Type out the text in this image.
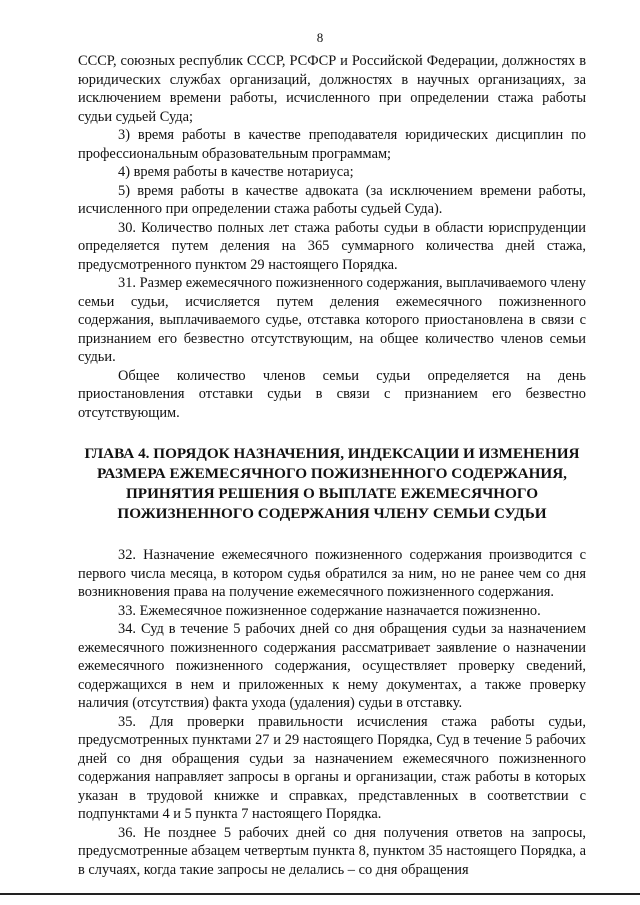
8

СССР, союзных республик СССР, РСФСР и Российской Федерации, должностях в юридических службах организаций, должностях в научных организациях, за исключением времени работы, исчисленного при определении стажа работы судьи судьей Суда;

3) время работы в качестве преподавателя юридических дисциплин по профессиональным образовательным программам;

4) время работы в качестве нотариуса;

5) время работы в качестве адвоката (за исключением времени работы, исчисленного при определении стажа работы судьей Суда).

30. Количество полных лет стажа работы судьи в области юриспруденции определяется путем деления на 365 суммарного количества дней стажа, предусмотренного пунктом 29 настоящего Порядка.

31. Размер ежемесячного пожизненного содержания, выплачиваемого члену семьи судьи, исчисляется путем деления ежемесячного пожизненного содержания, выплачиваемого судье, отставка которого приостановлена в связи с признанием его безвестно отсутствующим, на общее количество членов семьи судьи.

Общее количество членов семьи судьи определяется на день приостановления отставки судьи в связи с признанием его безвестно отсутствующим.

ГЛАВА 4. ПОРЯДОК НАЗНАЧЕНИЯ, ИНДЕКСАЦИИ И ИЗМЕНЕНИЯ РАЗМЕРА ЕЖЕМЕСЯЧНОГО ПОЖИЗНЕННОГО СОДЕРЖАНИЯ, ПРИНЯТИЯ РЕШЕНИЯ О ВЫПЛАТЕ ЕЖЕМЕСЯЧНОГО ПОЖИЗНЕННОГО СОДЕРЖАНИЯ ЧЛЕНУ СЕМЬИ СУДЬИ

32. Назначение ежемесячного пожизненного содержания производится с первого числа месяца, в котором судья обратился за ним, но не ранее чем со дня возникновения права на получение ежемесячного пожизненного содержания.

33. Ежемесячное пожизненное содержание назначается пожизненно.

34. Суд в течение 5 рабочих дней со дня обращения судьи за назначением ежемесячного пожизненного содержания рассматривает заявление о назначении ежемесячного пожизненного содержания, осуществляет проверку сведений, содержащихся в нем и приложенных к нему документах, а также проверку наличия (отсутствия) факта ухода (удаления) судьи в отставку.

35. Для проверки правильности исчисления стажа работы судьи, предусмотренных пунктами 27 и 29 настоящего Порядка, Суд в течение 5 рабочих дней со дня обращения судьи за назначением ежемесячного пожизненного содержания направляет запросы в органы и организации, стаж работы в которых указан в трудовой книжке и справках, представленных в соответствии с подпунктами 4 и 5 пункта 7 настоящего Порядка.

36. Не позднее 5 рабочих дней со дня получения ответов на запросы, предусмотренные абзацем четвертым пункта 8, пунктом 35 настоящего Порядка, а в случаях, когда такие запросы не делались – со дня обращения
